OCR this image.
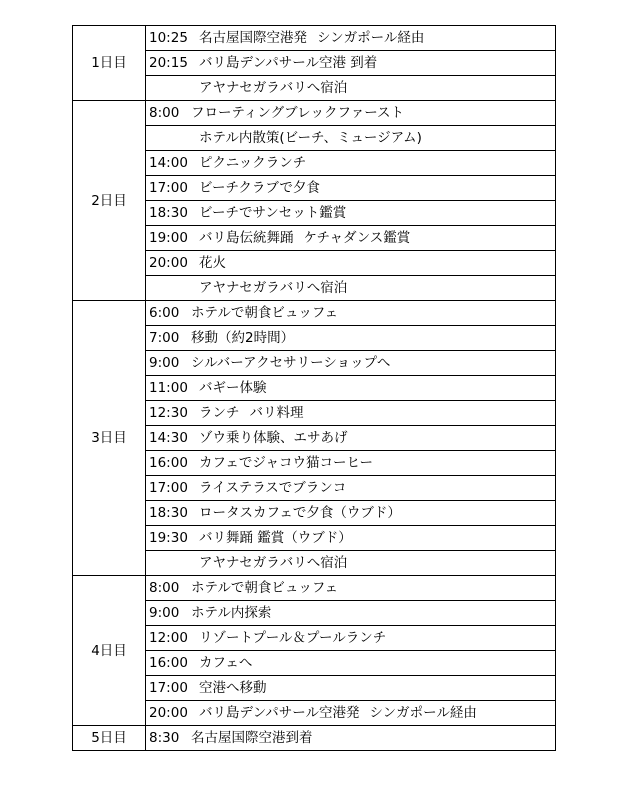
1日目	10:25 名古屋国際空港発 シンガポール経由
	20:15 バリ島デンパサール空港 到着
	アヤナセガラバリへ宿泊
2日目	8:00 フローティングブレックファースト
	ホテル内散策(ビーチ、ミュージアム)
	14:00 ピクニックランチ
	17:00 ビーチクラブで夕食
	18:30 ビーチでサンセット鑑賞
	19:00 バリ島伝統舞踊 ケチャダンス鑑賞
	20:00 花火
	アヤナセガラバリへ宿泊
3日目	6:00 ホテルで朝食ビュッフェ
	7:00 移動（約2時間）
	9:00 シルバーアクセサリーショップへ
	11:00 バギー体験
	12:30 ランチ バリ料理
	14:30 ゾウ乗り体験、エサあげ
	16:00 カフェでジャコウ猫コーヒー
	17:00 ライステラスでブランコ
	18:30 ロータスカフェで夕食（ウブド）
	19:30 バリ舞踊 鑑賞（ウブド）
	アヤナセガラバリへ宿泊
4日目	8:00 ホテルで朝食ビュッフェ
	9:00 ホテル内探索
	12:00 リゾートプール＆プールランチ
	16:00 カフェへ
	17:00 空港へ移動
	20:00 バリ島デンパサール空港発 シンガポール経由
5日目	8:30 名古屋国際空港到着
